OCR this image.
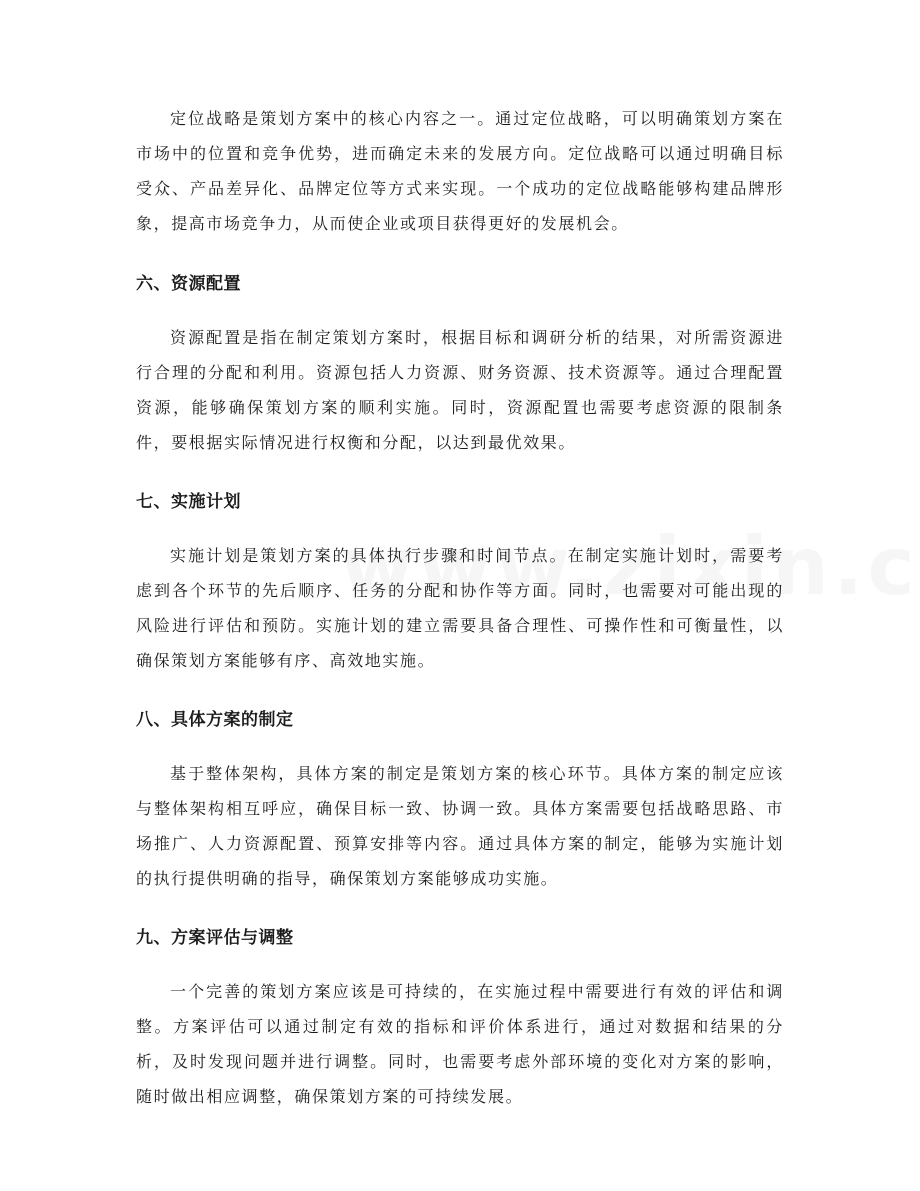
定位战略是策划方案中的核心内容之一。通过定位战略，可以明确策划方案在市场中的位置和竞争优势，进而确定未来的发展方向。定位战略可以通过明确目标受众、产品差异化、品牌定位等方式来实现。一个成功的定位战略能够构建品牌形象，提高市场竞争力，从而使企业或项目获得更好的发展机会。

六、资源配置

资源配置是指在制定策划方案时，根据目标和调研分析的结果，对所需资源进行合理的分配和利用。资源包括人力资源、财务资源、技术资源等。通过合理配置资源，能够确保策划方案的顺利实施。同时，资源配置也需要考虑资源的限制条件，要根据实际情况进行权衡和分配，以达到最优效果。

七、实施计划

实施计划是策划方案的具体执行步骤和时间节点。在制定实施计划时，需要考虑到各个环节的先后顺序、任务的分配和协作等方面。同时，也需要对可能出现的风险进行评估和预防。实施计划的建立需要具备合理性、可操作性和可衡量性，以确保策划方案能够有序、高效地实施。

八、具体方案的制定

基于整体架构，具体方案的制定是策划方案的核心环节。具体方案的制定应该与整体架构相互呼应，确保目标一致、协调一致。具体方案需要包括战略思路、市场推广、人力资源配置、预算安排等内容。通过具体方案的制定，能够为实施计划的执行提供明确的指导，确保策划方案能够成功实施。

九、方案评估与调整

一个完善的策划方案应该是可持续的，在实施过程中需要进行有效的评估和调整。方案评估可以通过制定有效的指标和评价体系进行，通过对数据和结果的分析，及时发现问题并进行调整。同时，也需要考虑外部环境的变化对方案的影响，随时做出相应调整，确保策划方案的可持续发展。
